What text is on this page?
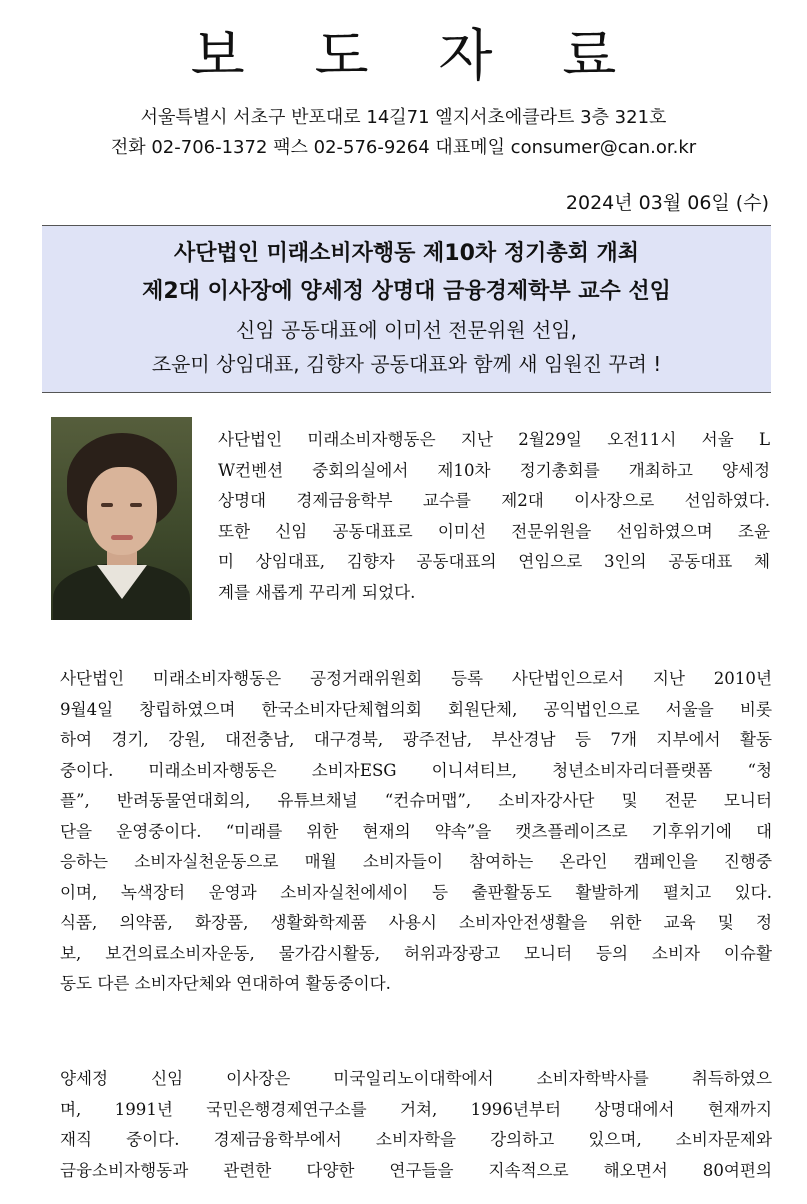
보 도 자 료
서울특별시 서초구 반포대로 14길71 엘지서초에클라트 3층 321호
전화 02-706-1372 팩스 02-576-9264 대표메일 consumer@can.or.kr
2024년 03월 06일 (수)
사단법인 미래소비자행동 제10차 정기총회 개최
제2대 이사장에 양세정 상명대 금융경제학부 교수 선임
신임 공동대표에 이미선 전문위원 선임,
조윤미 상임대표, 김향자 공동대표와 함께 새 임원진 꾸려 !
사단법인 미래소비자행동은 지난 2월29일 오전11시 서울 L
W컨벤션 중회의실에서 제10차 정기총회를 개최하고 양세정
상명대 경제금융학부 교수를 제2대 이사장으로 선임하였다.
또한 신임 공동대표로 이미선 전문위원을 선임하였으며 조윤
미 상임대표, 김향자 공동대표의 연임으로 3인의 공동대표 체
계를 새롭게 꾸리게 되었다.
사단법인 미래소비자행동은 공정거래위원회 등록 사단법인으로서 지난 2010년
9월4일 창립하였으며 한국소비자단체협의회 회원단체, 공익법인으로 서울을 비롯
하여 경기, 강원, 대전충남, 대구경북, 광주전남, 부산경남 등 7개 지부에서 활동
중이다. 미래소비자행동은 소비자ESG 이니셔티브, 청년소비자리더플랫폼 “청
플”, 반려동물연대회의, 유튜브채널 “컨슈머맵”, 소비자강사단 및 전문 모니터
단을 운영중이다. “미래를 위한 현재의 약속”을 캣츠플레이즈로 기후위기에 대
응하는 소비자실천운동으로 매월 소비자들이 참여하는 온라인 캠페인을 진행중
이며, 녹색장터 운영과 소비자실천에세이 등 출판활동도 활발하게 펼치고 있다.
식품, 의약품, 화장품, 생활화학제품 사용시 소비자안전생활을 위한 교육 및 정
보, 보건의료소비자운동, 물가감시활동, 허위과장광고 모니터 등의 소비자 이슈활
동도 다른 소비자단체와 연대하여 활동중이다.
양세정 신임 이사장은 미국일리노이대학에서 소비자학박사를 취득하였으
며, 1991년 국민은행경제연구소를 거쳐, 1996년부터 상명대에서 현재까지
재직 중이다. 경제금융학부에서 소비자학을 강의하고 있으며, 소비자문제와
금융소비자행동과 관련한 다양한 연구들을 지속적으로 해오면서 80여편의
